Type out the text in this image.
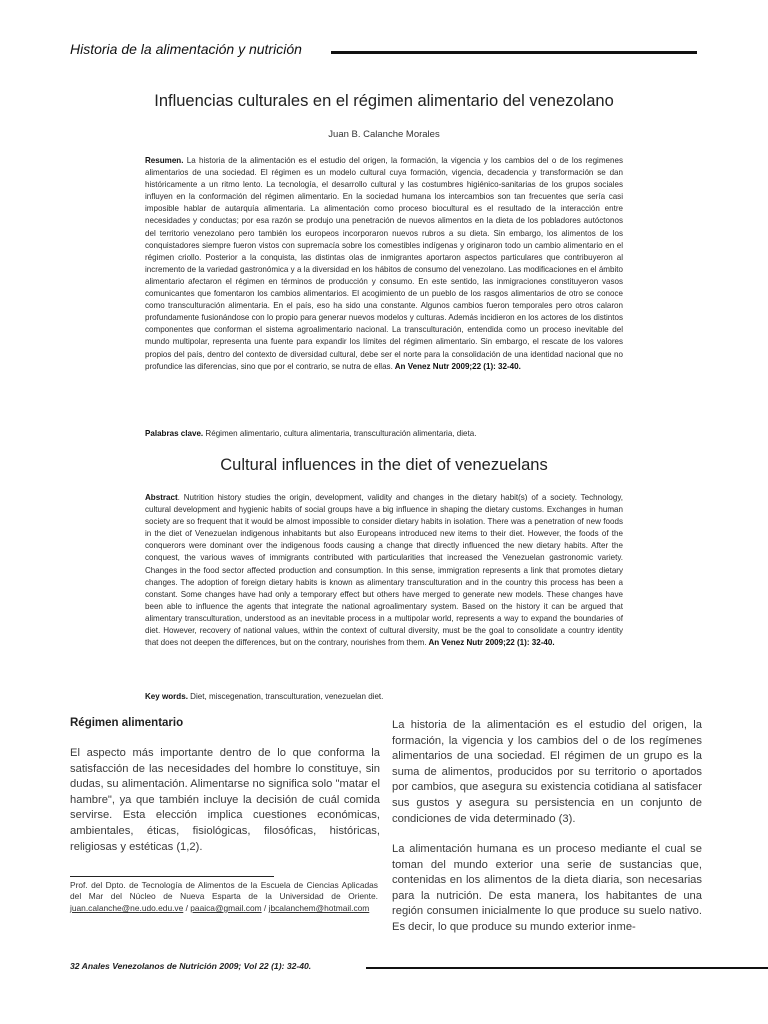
Historia de la alimentación y nutrición
Influencias culturales en el régimen alimentario del venezolano
Juan B. Calanche Morales
Resumen. La historia de la alimentación es el estudio del origen, la formación, la vigencia y los cambios del o de los regimenes alimentarios de una sociedad. El régimen es un modelo cultural cuya formación, vigencia, decadencia y transformación se dan históricamente a un ritmo lento. La tecnología, el desarrollo cultural y las costumbres higiénico-sanitarias de los grupos sociales influyen en la conformación del régimen alimentario. En la sociedad humana los intercambios son tan frecuentes que sería casi imposible hablar de autarquía alimentaria. La alimentación como proceso biocultural es el resultado de la interacción entre necesidades y conductas; por esa razón se produjo una penetración de nuevos alimentos en la dieta de los pobladores autóctonos del territorio venezolano pero también los europeos incorporaron nuevos rubros a su dieta. Sin embargo, los alimentos de los conquistadores siempre fueron vistos con supremacía sobre los comestibles indígenas y originaron todo un cambio alimentario en el régimen criollo. Posterior a la conquista, las distintas olas de inmigrantes aportaron aspectos particulares que contribuyeron al incremento de la variedad gastronómica y a la diversidad en los hábitos de consumo del venezolano. Las modificaciones en el ámbito alimentario afectaron el régimen en términos de producción y consumo. En este sentido, las inmigraciones constituyeron vasos comunicantes que fomentaron los cambios alimentarios. El acogimiento de un pueblo de los rasgos alimentarios de otro se conoce como transculturación alimentaria. En el país, eso ha sido una constante. Algunos cambios fueron temporales pero otros calaron profundamente fusionándose con lo propio para generar nuevos modelos y culturas. Además incidieron en los actores de los distintos componentes que conforman el sistema agroalimentario nacional. La transculturación, entendida como un proceso inevitable del mundo multipolar, representa una fuente para expandir los límites del régimen alimentario. Sin embargo, el rescate de los valores propios del país, dentro del contexto de diversidad cultural, debe ser el norte para la consolidación de una identidad nacional que no profundice las diferencias, sino que por el contrario, se nutra de ellas. An Venez Nutr 2009;22 (1): 32-40.
Palabras clave. Régimen alimentario, cultura alimentaria, transculturación alimentaria, dieta.
Cultural influences in the diet of venezuelans
Abstract. Nutrition history studies the origin, development, validity and changes in the dietary habit(s) of a society. Technology, cultural development and hygienic habits of social groups have a big influence in shaping the dietary customs. Exchanges in human society are so frequent that it would be almost impossible to consider dietary habits in isolation. There was a penetration of new foods in the diet of Venezuelan indigenous inhabitants but also Europeans introduced new items to their diet. However, the foods of the conquerors were dominant over the indigenous foods causing a change that directly influenced the new dietary habits. After the conquest, the various waves of immigrants contributed with particularities that increased the Venezuelan gastronomic variety. Changes in the food sector affected production and consumption. In this sense, immigration represents a link that promotes dietary changes. The adoption of foreign dietary habits is known as alimentary transculturation and in the country this process has been a constant. Some changes have had only a temporary effect but others have merged to generate new models. These changes have been able to influence the agents that integrate the national agroalimentary system. Based on the history it can be argued that alimentary transculturation, understood as an inevitable process in a multipolar world, represents a way to expand the boundaries of diet. However, recovery of national values, within the context of cultural diversity, must be the goal to consolidate a country identity that does not deepen the differences, but on the contrary, nourishes from them. An Venez Nutr 2009;22 (1): 32-40.
Key words. Diet, miscegenation, transculturation, venezuelan diet.
Régimen alimentario

El aspecto más importante dentro de lo que conforma la satisfacción de las necesidades del hombre lo constituye, sin dudas, su alimentación. Alimentarse no significa solo "matar el hambre", ya que también incluye la decisión de cuál comida servirse. Esta elección implica cuestiones económicas, ambientales, éticas, fisiológicas, filosóficas, históricas, religiosas y estéticas (1,2).

La historia de la alimentación es el estudio del origen, la formación, la vigencia y los cambios del o de los regímenes alimentarios de una sociedad. El régimen de un grupo es la suma de alimentos, producidos por su territorio o aportados por cambios, que asegura su existencia cotidiana al satisfacer sus gustos y asegura su persistencia en un conjunto de condiciones de vida determinado (3).

La alimentación humana es un proceso mediante el cual se toman del mundo exterior una serie de sustancias que, contenidas en los alimentos de la dieta diaria, son necesarias para la nutrición. De esta manera, los habitantes de una región consumen inicialmente lo que produce su suelo nativo. Es decir, lo que produce su mundo exterior inme-

Prof. del Dpto. de Tecnología de Alimentos de la Escuela de Ciencias Aplicadas del Mar del Núcleo de Nueva Esparta de la Universidad de Oriente. juan.calanche@ne.udo.edu.ve / paaica@gmail.com / jbcalanchem@hotmail.com
32 Anales Venezolanos de Nutrición 2009; Vol 22 (1): 32-40.
